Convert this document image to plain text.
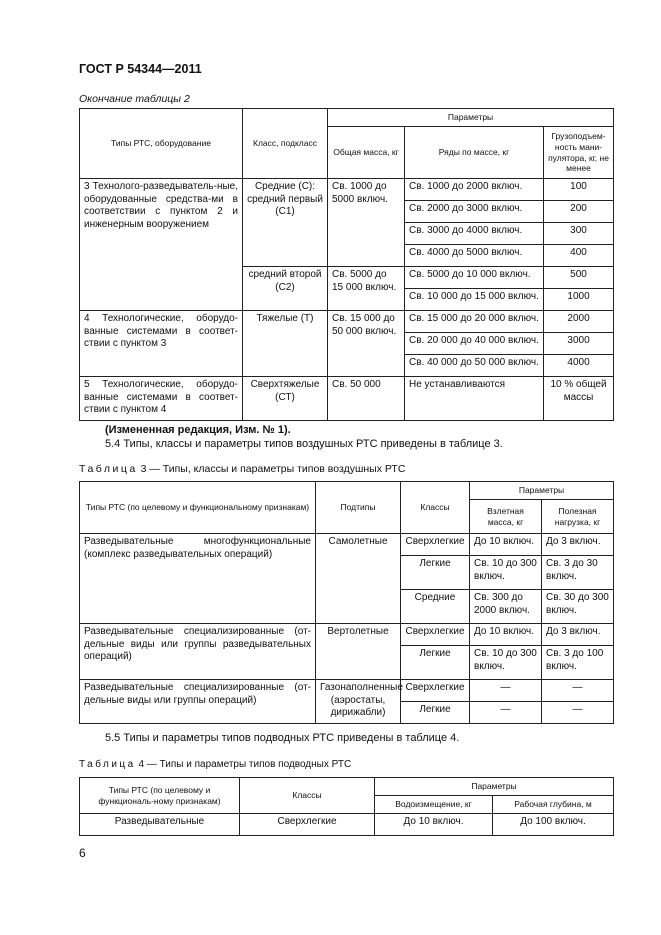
ГОСТ Р 54344—2011
Окончание таблицы 2
Типы РТС, оборудование	Класс, подкласс	Параметры		
		Общая масса, кг	Ряды по массе, кг	Грузоподъем-ность мани-пулятора, кг, не менее
3 Технолого-разведыватель-ные, оборудованные средства-ми в соответствии с пунктом 2 и инженерным вооружением	Средние (С): средний первый (С1)	Св. 1000 до 5000 включ.	Св. 1000 до 2000 включ.	100
			Св. 2000 до 3000 включ.	200
			Св. 3000 до 4000 включ.	300
			Св. 4000 до 5000 включ.	400
	средний второй (С2)	Св. 5000 до 15 000 включ.	Св. 5000 до 10 000 включ.	500
			Св. 10 000 до 15 000 включ.	1000
4 Технологические, оборудо-ванные системами в соответ-ствии с пунктом 3	Тяжелые (Т)	Св. 15 000 до 50 000 включ.	Св. 15 000 до 20 000 включ.	2000
			Св. 20 000 до 40 000 включ.	3000
			Св. 40 000 до 50 000 включ.	4000
5 Технологические, оборудо-ванные системами в соответ-ствии с пунктом 4	Сверхтяжелые (СТ)	Св. 50 000	Не устанавливаются	10 % общей массы
(Измененная редакция, Изм. № 1).
5.4 Типы, классы и параметры типов воздушных РТС приведены в таблице 3.
Таблица 3 — Типы, классы и параметры типов воздушных РТС
Типы РТС (по целевому и функциональному признакам)	Подтипы	Классы	Параметры	
			Взлетная масса, кг	Полезная нагрузка, кг
Разведывательные многофункциональные (комплекс разведывательных операций)	Самолетные	Сверхлегкие	До 10 включ.	До 3 включ.
		Легкие	Св. 10 до 300 включ.	Св. 3 до 30 включ.
		Средние	Св. 300 до 2000 включ.	Св. 30 до 300 включ.
Разведывательные специализированные (от-дельные виды или группы разведывательных операций)	Вертолетные	Сверхлегкие	До 10 включ.	До 3 включ.
		Легкие	Св. 10 до 300 включ.	Св. 3 до 100 включ.
Разведывательные специализированные (от-дельные виды или группы операций)	Газонаполненные (аэростаты, дирижабли)	Сверхлегкие	—	—
		Легкие	—	—
5.5 Типы и параметры типов подводных РТС приведены в таблице 4.
Таблица 4 — Типы и параметры типов подводных РТС
Типы РТС (по целевому и функциональ-ному признакам)	Классы	Параметры	
		Водоизмещение, кг	Рабочая глубина, м
Разведывательные	Сверхлегкие	До 10 включ.	До 100 включ.
6
